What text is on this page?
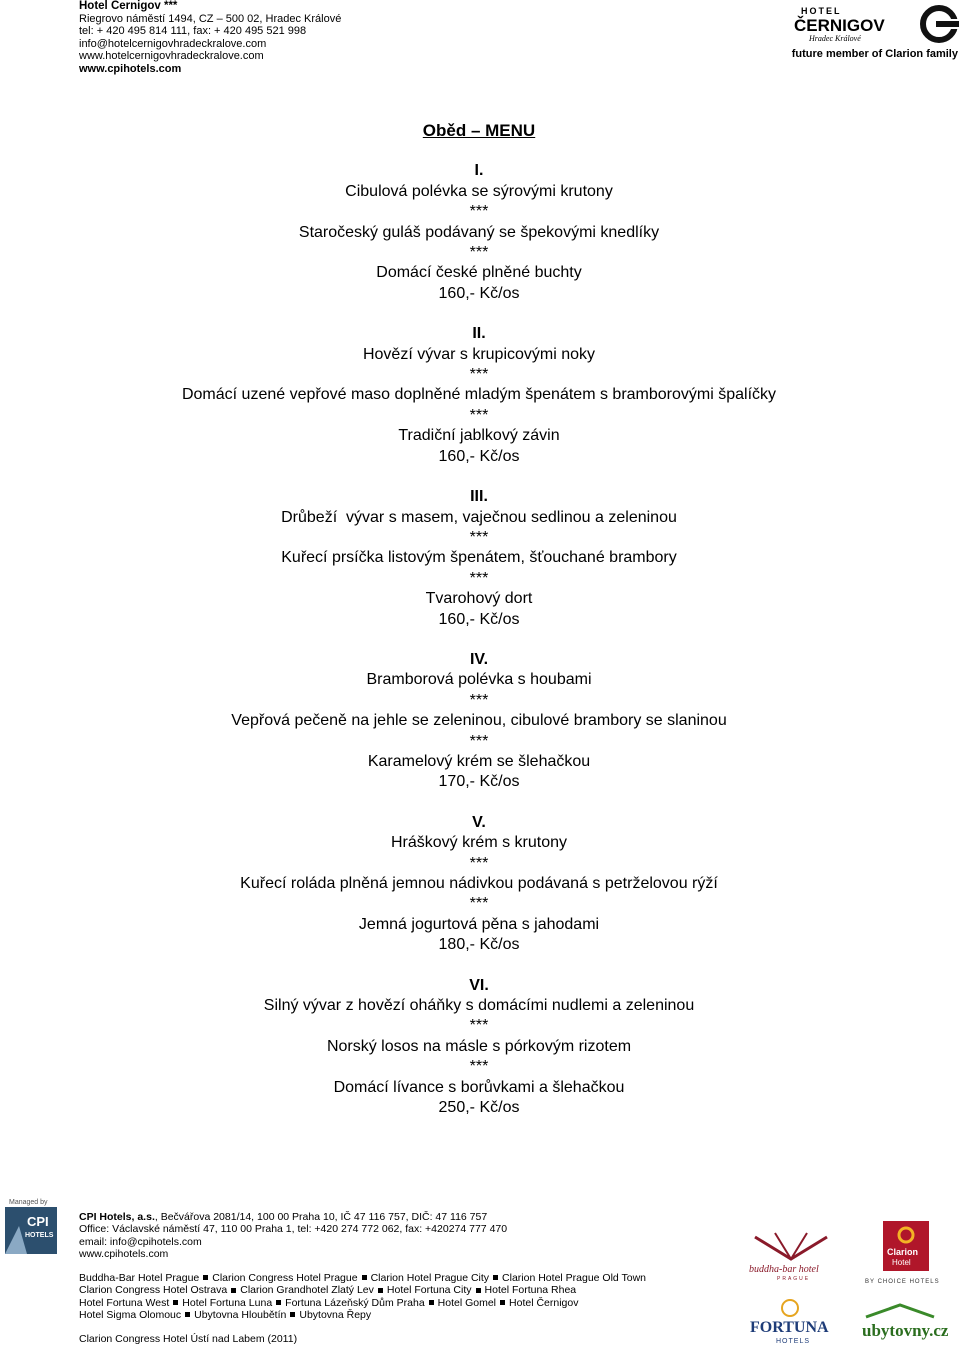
Hotel Černigov ***
Riegrovo náměstí 1494, CZ – 500 02, Hradec Králové
tel: + 420 495 814 111, fax: + 420 495 521 998
info@hotelcernigovhradeckralove.com
www.hotelcernigovhradeckralove.com
www.cpihotels.com
HOTEL
ČERNIGOV
Hradec Králové
future member of Clarion family
Oběd – MENU
I.
Cibulová polévka se sýrovými krutony
***
Staročeský guláš podávaný se špekovými knedlíky
***
Domácí české plněné buchty
160,- Kč/os
II.
Hovězí vývar s krupicovými noky
***
Domácí uzené vepřové maso doplněné mladým špenátem s bramborovými špalíčky
***
Tradiční jablkový závin
160,- Kč/os
III.
Drůbeží  vývar s masem, vaječnou sedlinou a zeleninou
***
Kuřecí prsíčka listovým špenátem, šťouchané brambory
***
Tvarohový dort
160,- Kč/os
IV.
Bramborová polévka s houbami
***
Vepřová pečeně na jehle se zeleninou, cibulové brambory se slaninou
***
Karamelový krém se šlehačkou
170,- Kč/os
V.
Hráškový krém s krutony
***
Kuřecí roláda plněná jemnou nádivkou podávaná s petrželovou rýží
***
Jemná jogurtová pěna s jahodami
180,- Kč/os
VI.
Silný vývar z hovězí oháňky s domácími nudlemi a zeleninou
***
Norský losos na másle s pórkovým rizotem
***
Domácí lívance s borůvkami a šlehačkou
250,- Kč/os
Managed by
CPI
HOTELS
CPI Hotels, a.s., Bečvářova 2081/14, 100 00 Praha 10, IČ 47 116 757, DIČ: 47 116 757
Office: Václavské náměstí 47, 110 00 Praha 1, tel: +420 274 772 062, fax: +420274 777 470
email: info@cpihotels.com
www.cpihotels.com
Buddha-Bar Hotel Prague Clarion Congress Hotel Prague Clarion Hotel Prague City Clarion Hotel Prague Old Town
Clarion Congress Hotel Ostrava Clarion Grandhotel Zlatý Lev Hotel Fortuna City Hotel Fortuna Rhea
Hotel Fortuna West Hotel Fortuna Luna Fortuna Lázeňský Dům Praha Hotel Gomel Hotel Černigov
Hotel Sigma Olomouc Ubytovna Hloubětín Ubytovna Řepy
Clarion Congress Hotel Ústí nad Labem (2011)
buddha-bar hotel
PRAGUE
Clarion
Hotel
BY CHOICE HOTELS
FORTUNA
HOTELS
ubytovny.cz
